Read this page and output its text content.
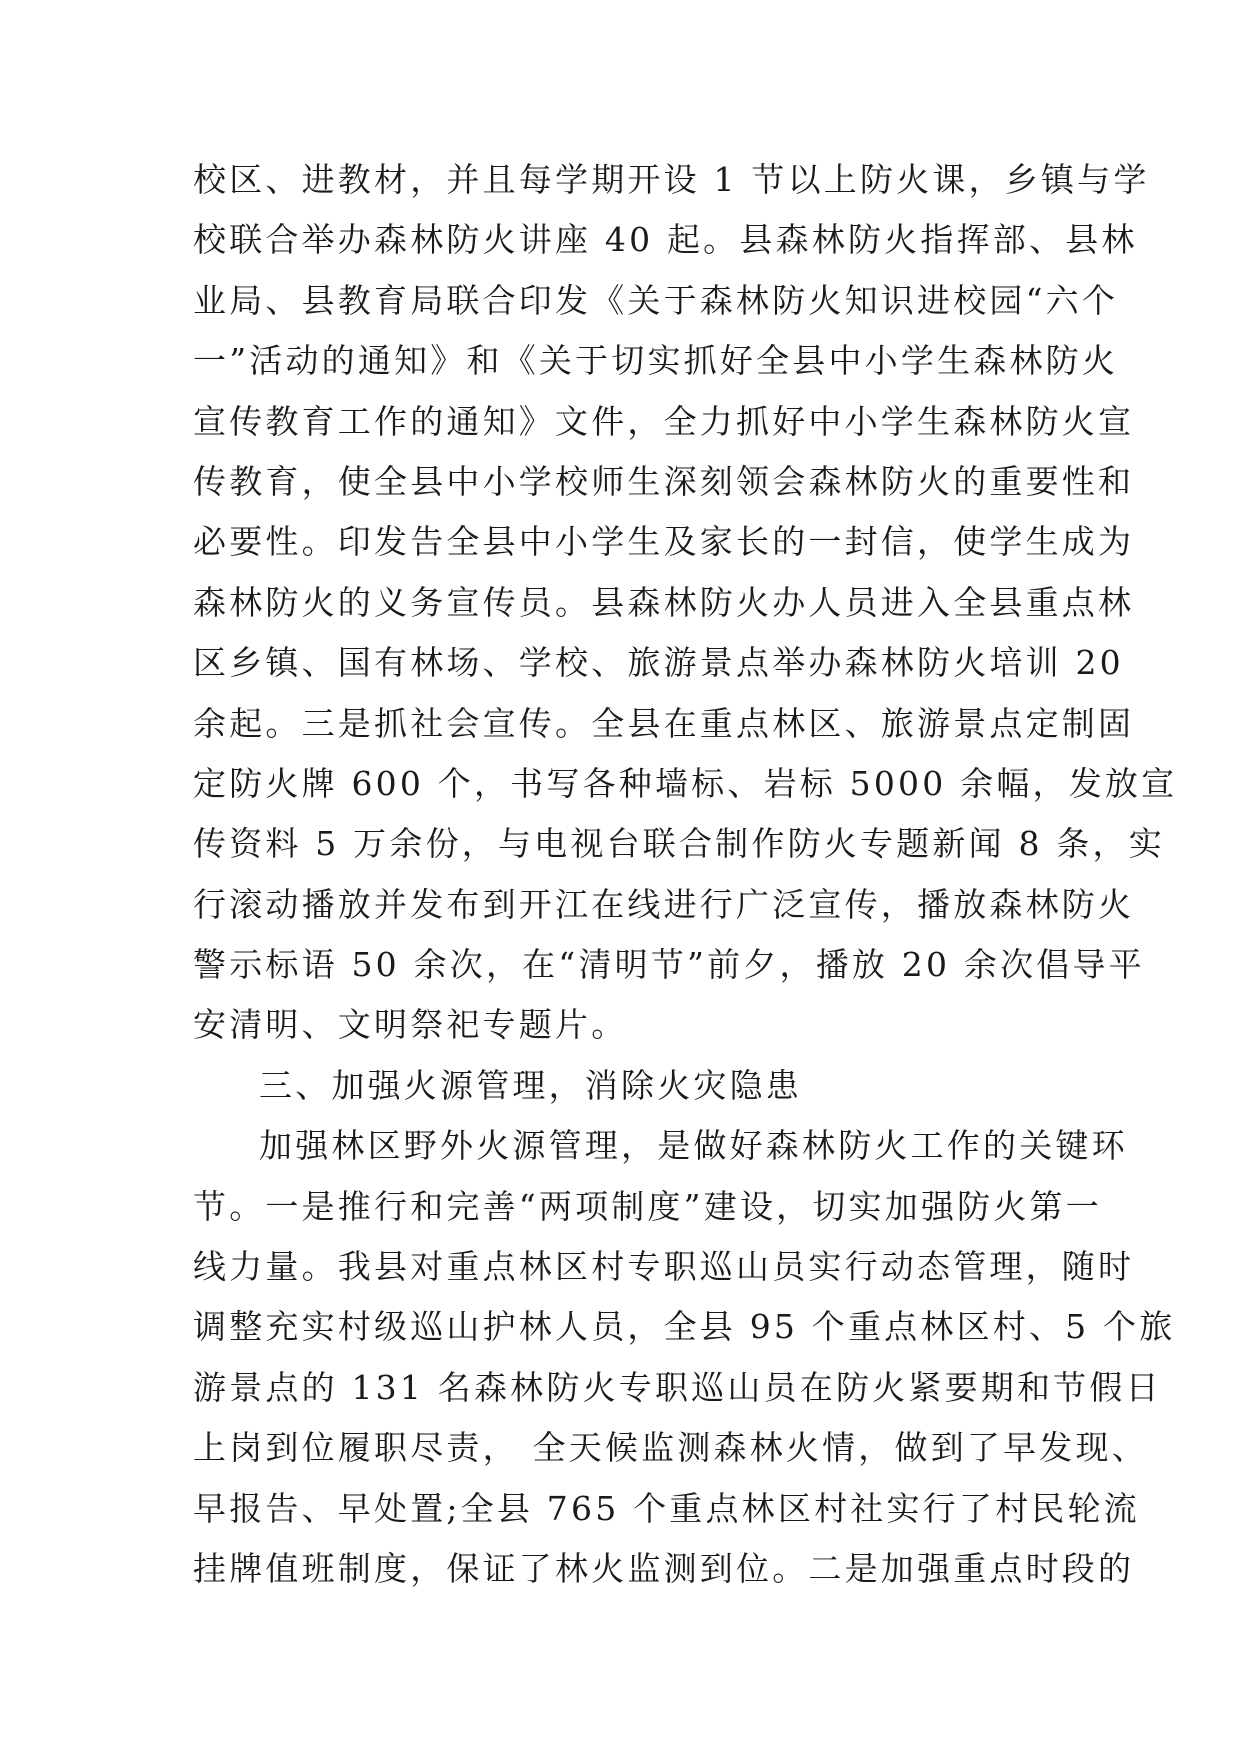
校区、进教材，并且每学期开设 1 节以上防火课，乡镇与学
校联合举办森林防火讲座 40 起。县森林防火指挥部、县林
业局、县教育局联合印发《关于森林防火知识进校园“六个
一”活动的通知》和《关于切实抓好全县中小学生森林防火
宣传教育工作的通知》文件，全力抓好中小学生森林防火宣
传教育，使全县中小学校师生深刻领会森林防火的重要性和
必要性。印发告全县中小学生及家长的一封信，使学生成为
森林防火的义务宣传员。县森林防火办人员进入全县重点林
区乡镇、国有林场、学校、旅游景点举办森林防火培训 20
余起。三是抓社会宣传。全县在重点林区、旅游景点定制固
定防火牌 600 个，书写各种墙标、岩标 5000 余幅，发放宣
传资料 5 万余份，与电视台联合制作防火专题新闻 8 条，实
行滚动播放并发布到开江在线进行广泛宣传，播放森林防火
警示标语 50 余次，在“清明节”前夕，播放 20 余次倡导平
安清明、文明祭祀专题片。
三、加强火源管理，消除火灾隐患
加强林区野外火源管理，是做好森林防火工作的关键环
节。一是推行和完善“两项制度”建设，切实加强防火第一
线力量。我县对重点林区村专职巡山员实行动态管理，随时
调整充实村级巡山护林人员，全县 95 个重点林区村、5 个旅
游景点的 131 名森林防火专职巡山员在防火紧要期和节假日
上岗到位履职尽责， 全天候监测森林火情，做到了早发现、
早报告、早处置;全县 765 个重点林区村社实行了村民轮流
挂牌值班制度，保证了林火监测到位。二是加强重点时段的
